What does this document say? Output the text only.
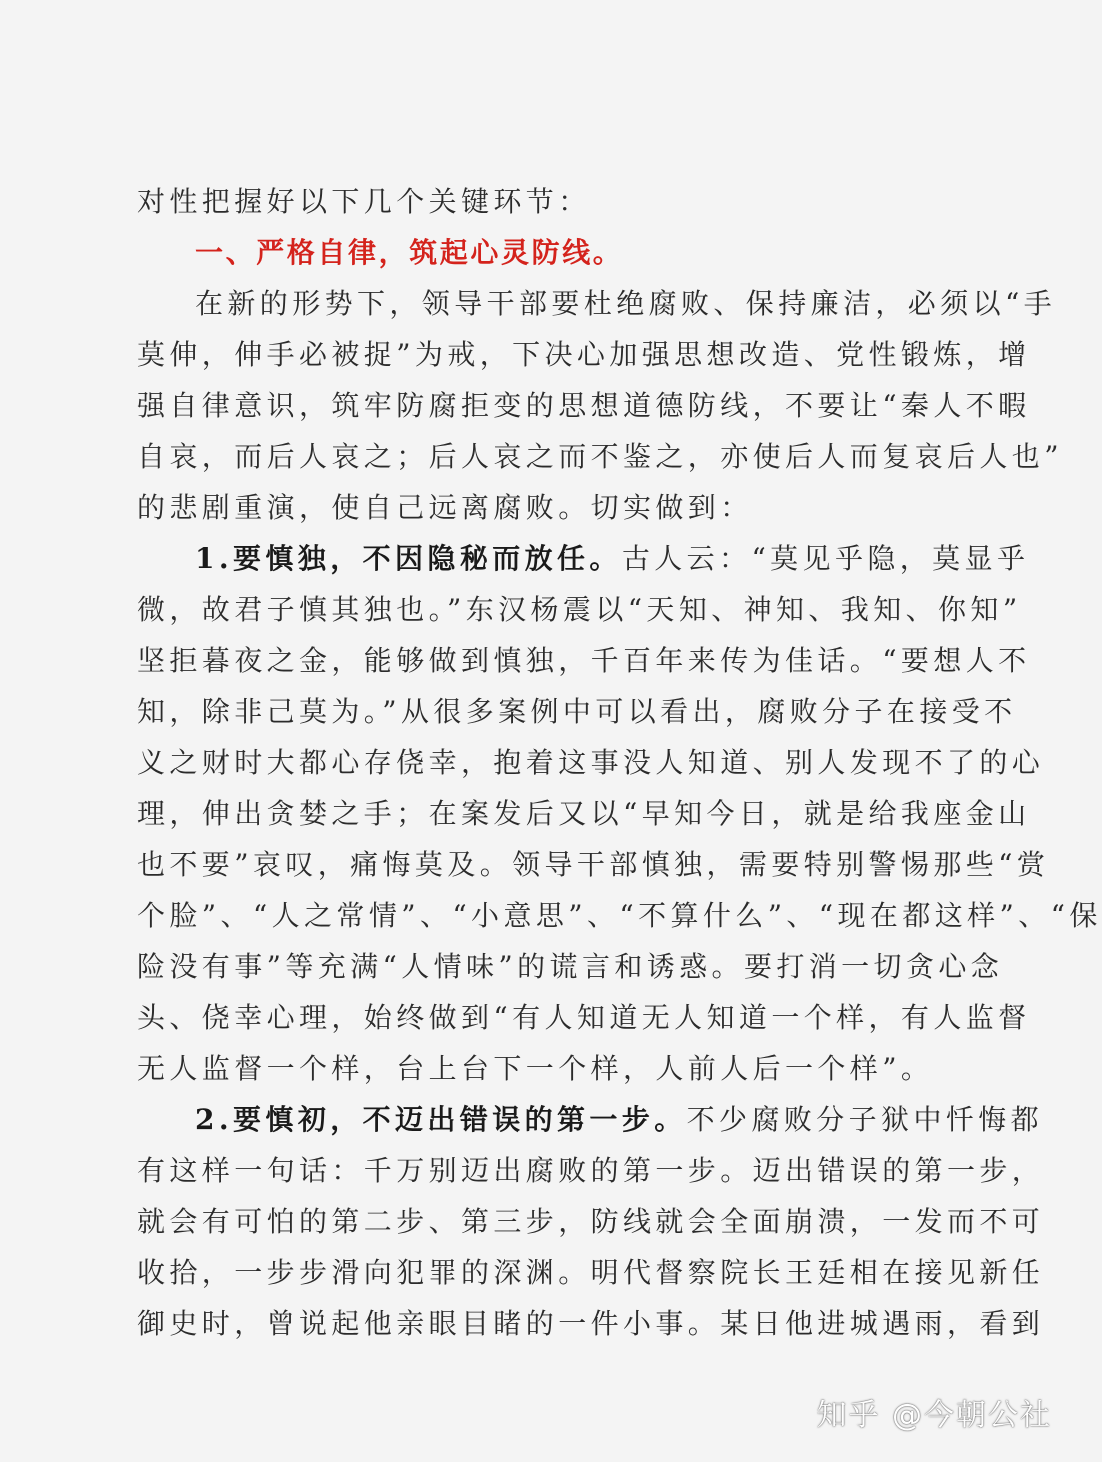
对性把握好以下几个关键环节：
一、严格自律，筑起心灵防线。
在新的形势下，领导干部要杜绝腐败、保持廉洁，必须以“手
莫伸，伸手必被捉”为戒，下决心加强思想改造、党性锻炼，增
强自律意识，筑牢防腐拒变的思想道德防线，不要让“秦人不暇
自哀，而后人哀之；后人哀之而不鉴之，亦使后人而复哀后人也”
的悲剧重演，使自己远离腐败。切实做到：
1.要慎独，不因隐秘而放任。古人云：“莫见乎隐，莫显乎
微，故君子慎其独也。”东汉杨震以“天知、神知、我知、你知”
坚拒暮夜之金，能够做到慎独，千百年来传为佳话。“要想人不
知，除非己莫为。”从很多案例中可以看出，腐败分子在接受不
义之财时大都心存侥幸，抱着这事没人知道、别人发现不了的心
理，伸出贪婪之手；在案发后又以“早知今日，就是给我座金山
也不要”哀叹，痛悔莫及。领导干部慎独，需要特别警惕那些“赏
个脸”、“人之常情”、“小意思”、“不算什么”、“现在都这样”、“保
险没有事”等充满“人情味”的谎言和诱惑。要打消一切贪心念
头、侥幸心理，始终做到“有人知道无人知道一个样，有人监督
无人监督一个样，台上台下一个样，人前人后一个样”。
2.要慎初，不迈出错误的第一步。不少腐败分子狱中忏悔都
有这样一句话：千万别迈出腐败的第一步。迈出错误的第一步，
就会有可怕的第二步、第三步，防线就会全面崩溃，一发而不可
收拾，一步步滑向犯罪的深渊。明代督察院长王廷相在接见新任
御史时，曾说起他亲眼目睹的一件小事。某日他进城遇雨，看到
知乎 @今朝公社
